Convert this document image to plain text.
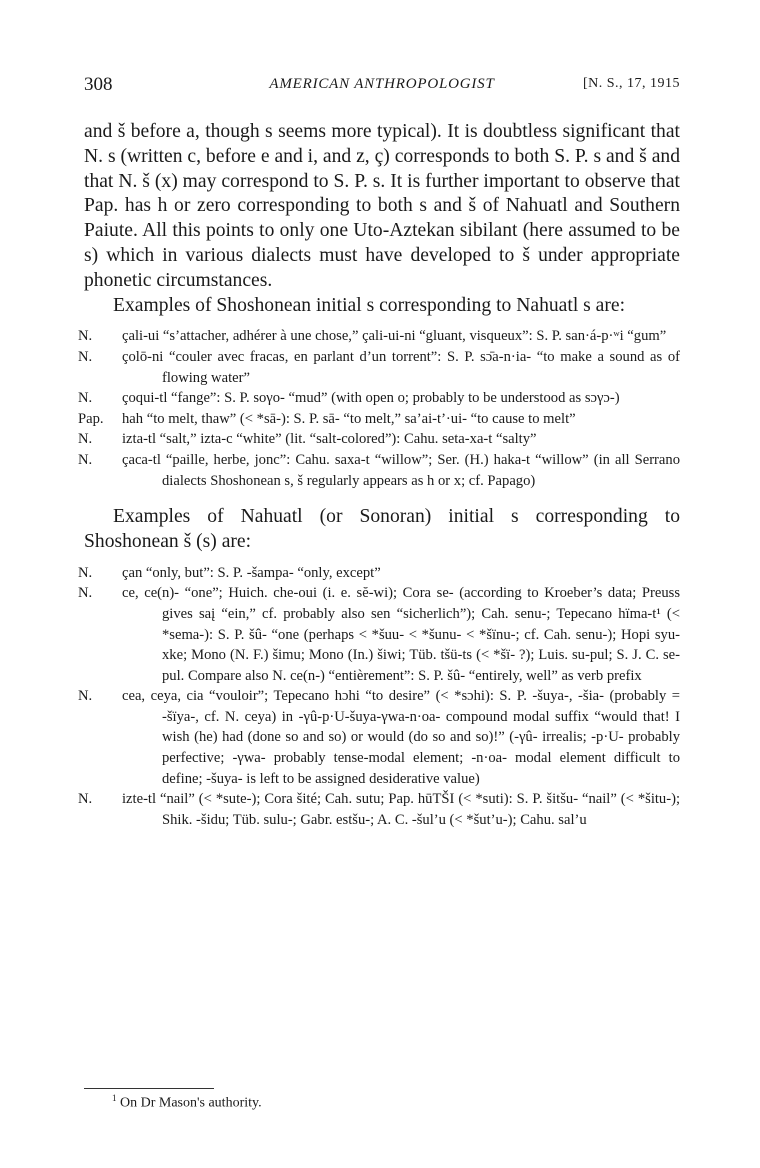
308	AMERICAN ANTHROPOLOGIST	[N. S., 17, 1915

and š before a, though s seems more typical). It is doubtless significant that N. s (written c, before e and i, and z, ç) corresponds to both S. P. s and š and that N. š (x) may correspond to S. P. s. It is further important to observe that Pap. has h or zero corresponding to both s and š of Nahuatl and Southern Paiute. All this points to only one Uto-Aztekan sibilant (here assumed to be s) which in various dialects must have developed to š under appropriate phonetic circumstances.

Examples of Shoshonean initial s corresponding to Nahuatl s are:

N. çali-ui “s’attacher, adhérer à une chose,” çali-ui-ni “gluant, visqueux”: S. P. san·á-p·ʷi “gum”
N. çolō-ni “couler avec fracas, en parlant d’un torrent”: S. P. sɔ̄a-n·ia- “to make a sound as of flowing water”
N. çoqui-tl “fange”: S. P. soγo- “mud” (with open o; probably to be understood as sɔγɔ-)
Pap. hah “to melt, thaw” (< *sā-): S. P. sā- “to melt,” sa’ai-t’·ui- “to cause to melt”
N. izta-tl “salt,” izta-c “white” (lit. “salt-colored”): Cahu. seta-xa-t “salty”
N. çaca-tl “paille, herbe, jonc”: Cahu. saxa-t “willow”; Ser. (H.) haka-t “willow” (in all Serrano dialects Shoshonean s, š regularly appears as h or x; cf. Papago)

Examples of Nahuatl (or Sonoran) initial s corresponding to Shoshonean š (s) are:

N. çan “only, but”: S. P. -šampa- “only, except”
N. ce, ce(n)- “one”; Huich. che-oui (i. e. sĕ-wi); Cora se- (according to Kroeber’s data; Preuss gives saį “ein,” cf. probably also sen “sicherlich”); Cah. senu-; Tepecano hïma-t¹ (< *sema-): S. P. šû- “one (perhaps < *šuu- < *šunu- < *šïnu-; cf. Cah. senu-); Hopi syu-xke; Mono (N. F.) šimu; Mono (In.) šiwi; Tüb. tšü-ts (< *šï- ?); Luis. su-pul; S. J. C. se-pul. Compare also N. ce(n-) “entièrement”: S. P. šû- “entirely, well” as verb prefix
N. cea, ceya, cia “vouloir”; Tepecano hɔhi “to desire” (< *sɔhi): S. P. -šuya-, -šia- (probably = -šïya-, cf. N. ceya) in -γû-p·U-šuya-γwa-n·oa- compound modal suffix “would that! I wish (he) had (done so and so) or would (do so and so)!” (-γû- irrealis; -p·U- probably perfective; -γwa- probably tense-modal element; -n·oa- modal element difficult to define; -šuya- is left to be assigned desiderative value)
N. izte-tl “nail” (< *sute-); Cora šité; Cah. sutu; Pap. hūTŠI (< *suti): S. P. šitšu- “nail” (< *šitu-); Shik. -šidu; Tüb. sulu-; Gabr. estšu-; A. C. -šul’u (< *šut’u-); Cahu. sal’u
$^1$ On Dr Mason's authority.
